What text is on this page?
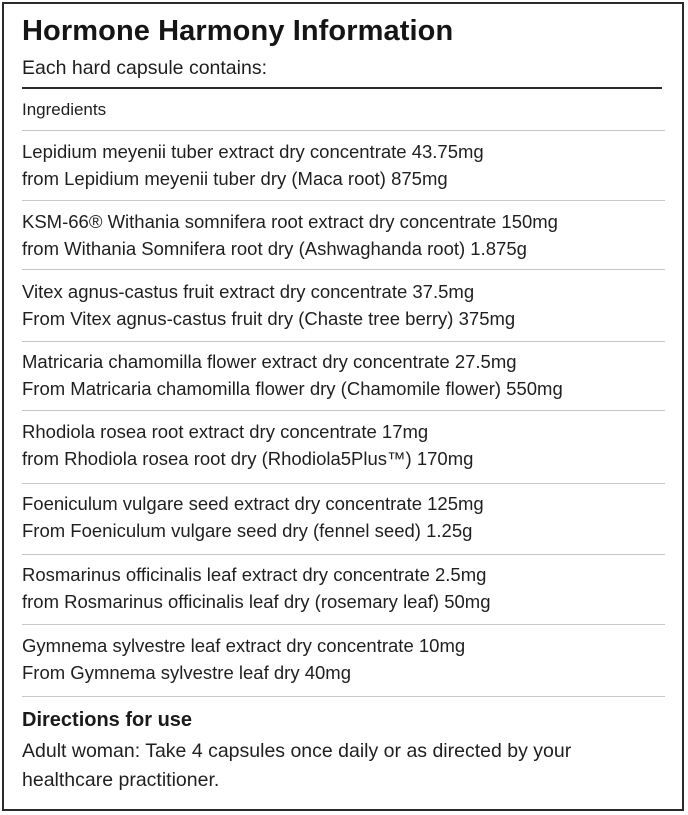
Hormone Harmony Information
Each hard capsule contains:
Ingredients
Lepidium meyenii tuber extract dry concentrate 43.75mg
from Lepidium meyenii tuber dry (Maca root) 875mg
KSM-66® Withania somnifera root extract dry concentrate 150mg
from Withania Somnifera root dry (Ashwaghanda root) 1.875g
Vitex agnus-castus fruit extract dry concentrate 37.5mg
From Vitex agnus-castus fruit dry (Chaste tree berry) 375mg
Matricaria chamomilla flower extract dry concentrate 27.5mg
From Matricaria chamomilla flower dry (Chamomile flower) 550mg
Rhodiola rosea root extract dry concentrate 17mg
from Rhodiola rosea root dry (Rhodiola5Plus™) 170mg
Foeniculum vulgare seed extract dry concentrate 125mg
From Foeniculum vulgare seed dry (fennel seed) 1.25g
Rosmarinus officinalis leaf extract dry concentrate 2.5mg
from Rosmarinus officinalis leaf dry (rosemary leaf) 50mg
Gymnema sylvestre leaf extract dry concentrate 10mg
From Gymnema sylvestre leaf dry 40mg
Directions for use
Adult woman: Take 4 capsules once daily or as directed by your healthcare practitioner.
